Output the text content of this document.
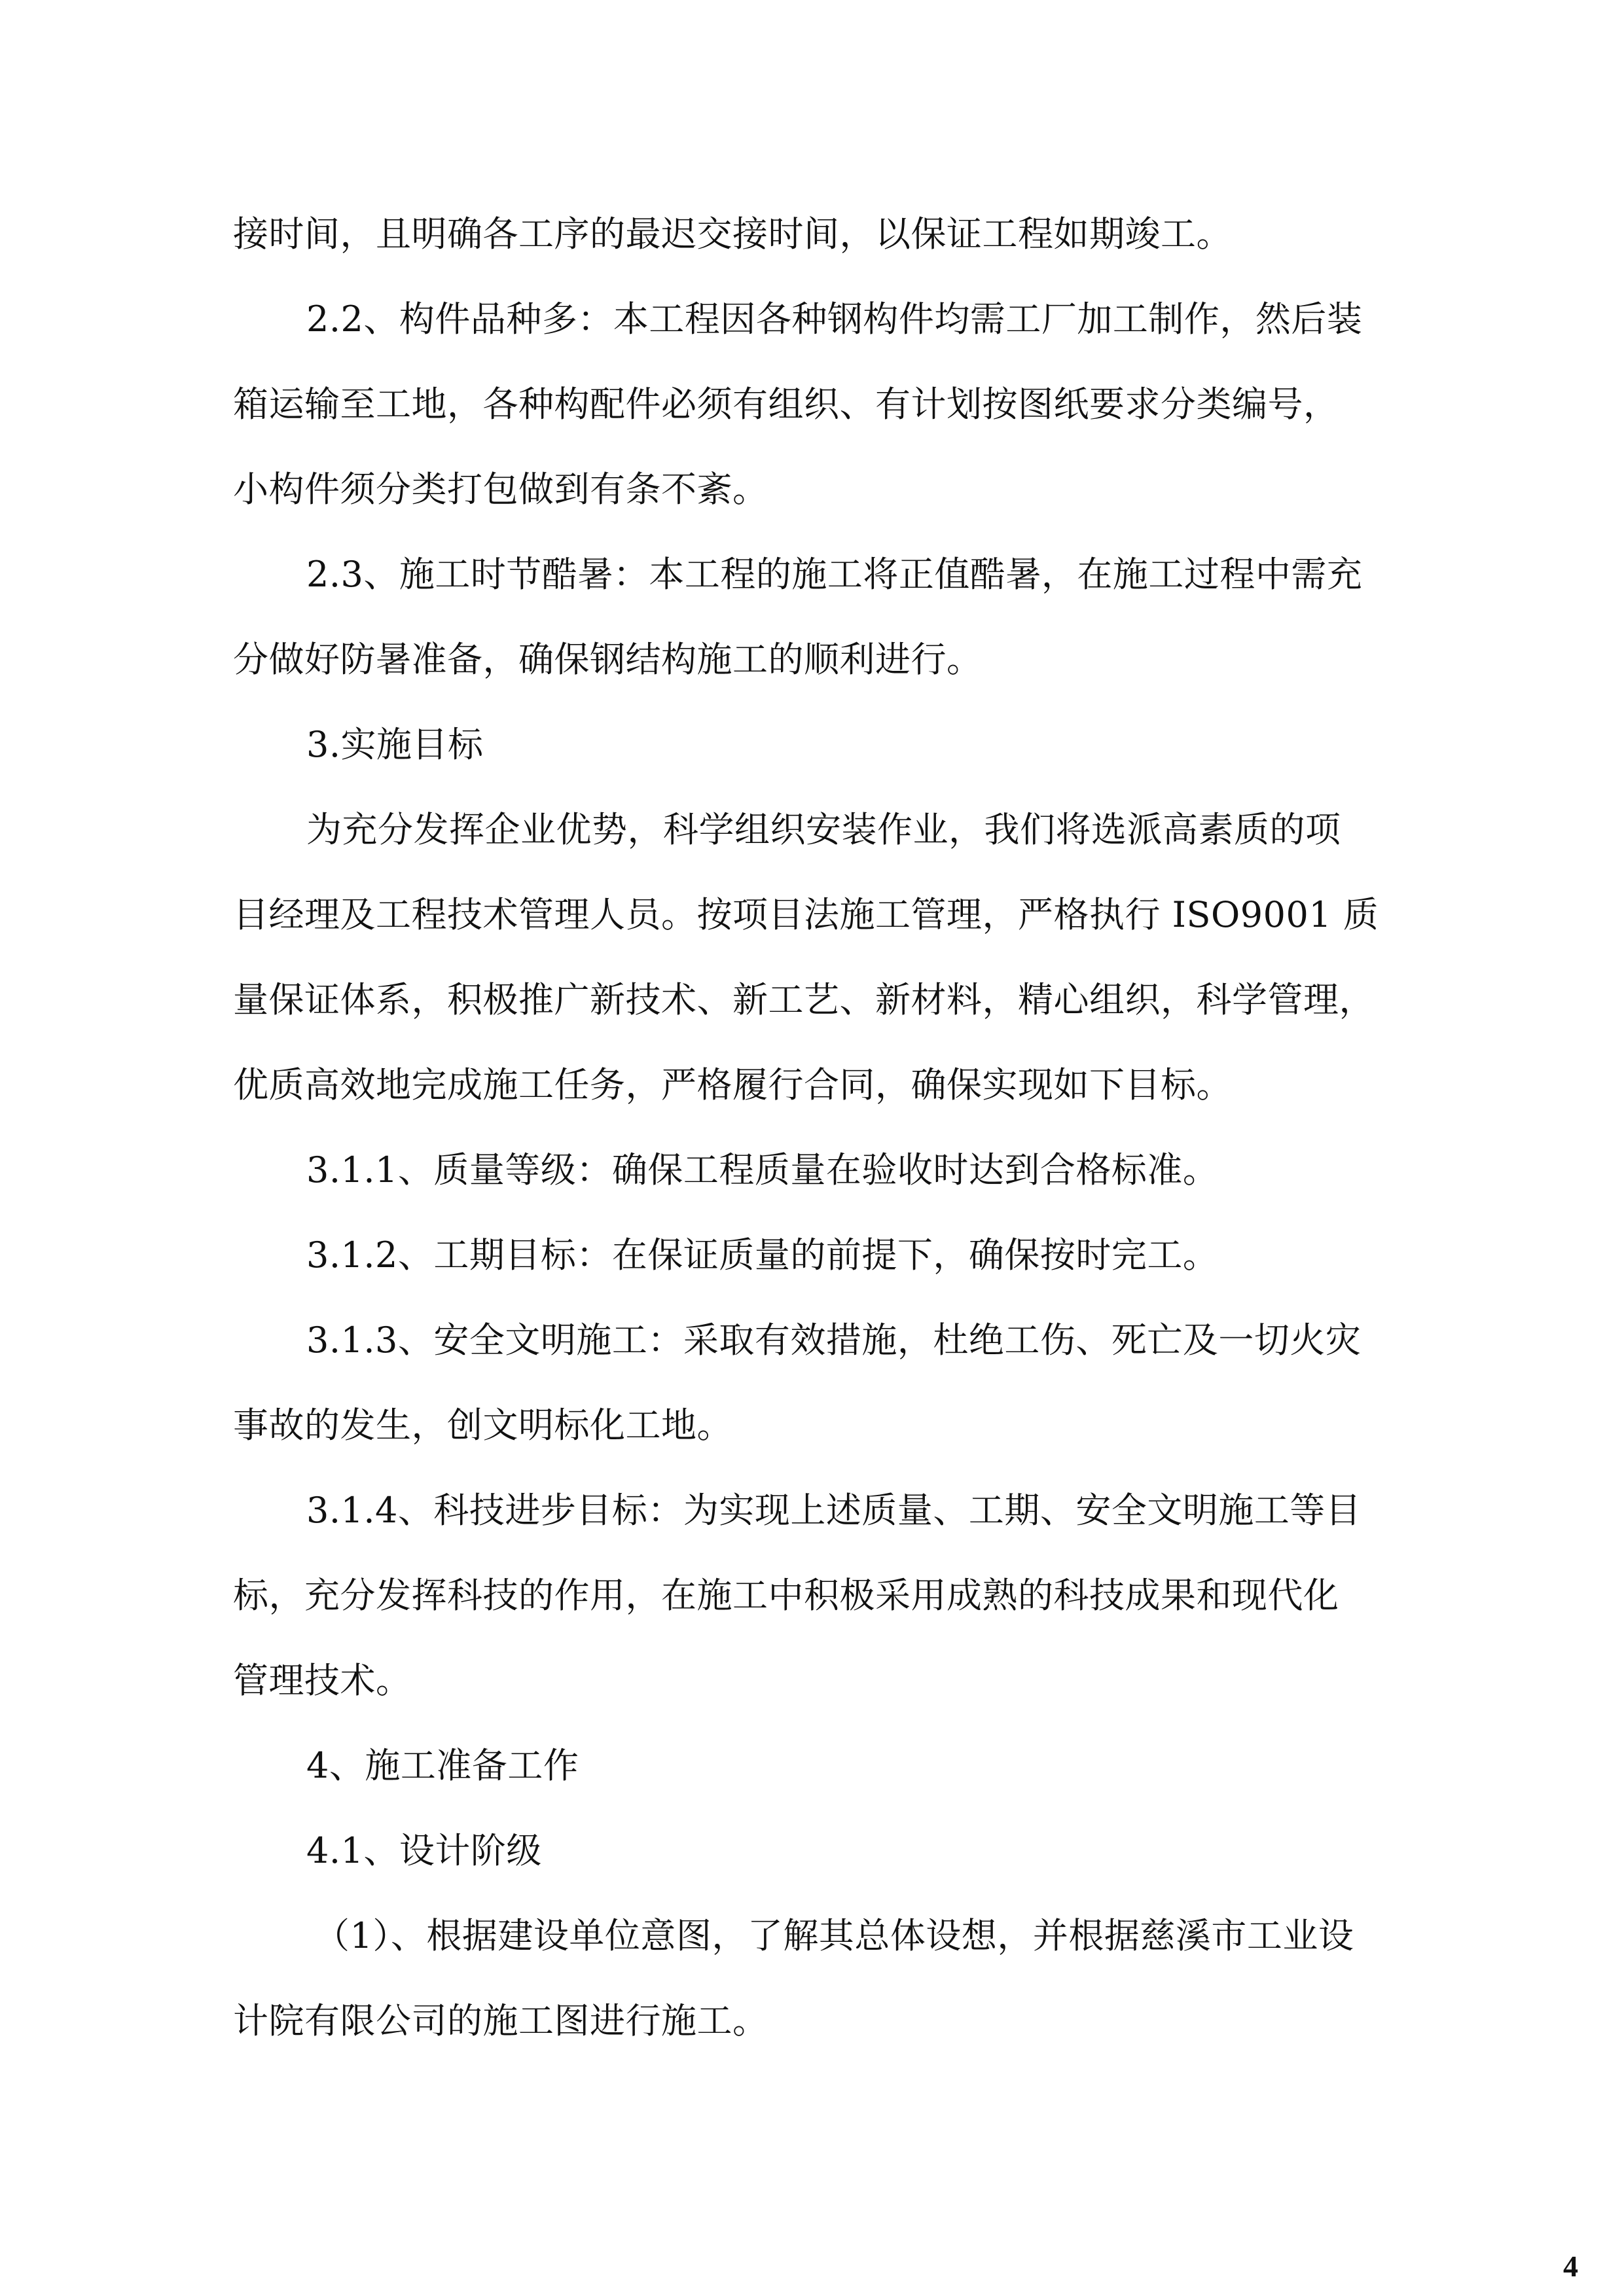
接时间，且明确各工序的最迟交接时间，以保证工程如期竣工。
2.2、构件品种多：本工程因各种钢构件均需工厂加工制作，然后装
箱运输至工地，各种构配件必须有组织、有计划按图纸要求分类编号，
小构件须分类打包做到有条不紊。
2.3、施工时节酷暑：本工程的施工将正值酷暑，在施工过程中需充
分做好防暑准备，确保钢结构施工的顺利进行。
3.实施目标
为充分发挥企业优势，科学组织安装作业，我们将选派高素质的项
目经理及工程技术管理人员。按项目法施工管理，严格执行 ISO9001 质
量保证体系，积极推广新技术、新工艺、新材料，精心组织，科学管理，
优质高效地完成施工任务，严格履行合同，确保实现如下目标。
3.1.1、质量等级：确保工程质量在验收时达到合格标准。
3.1.2、工期目标：在保证质量的前提下，确保按时完工。
3.1.3、安全文明施工：采取有效措施，杜绝工伤、死亡及一切火灾
事故的发生，创文明标化工地。
3.1.4、科技进步目标：为实现上述质量、工期、安全文明施工等目
标，充分发挥科技的作用，在施工中积极采用成熟的科技成果和现代化
管理技术。
4、施工准备工作
4.1、设计阶级
（1）、根据建设单位意图，了解其总体设想，并根据慈溪市工业设
计院有限公司的施工图进行施工。
4
